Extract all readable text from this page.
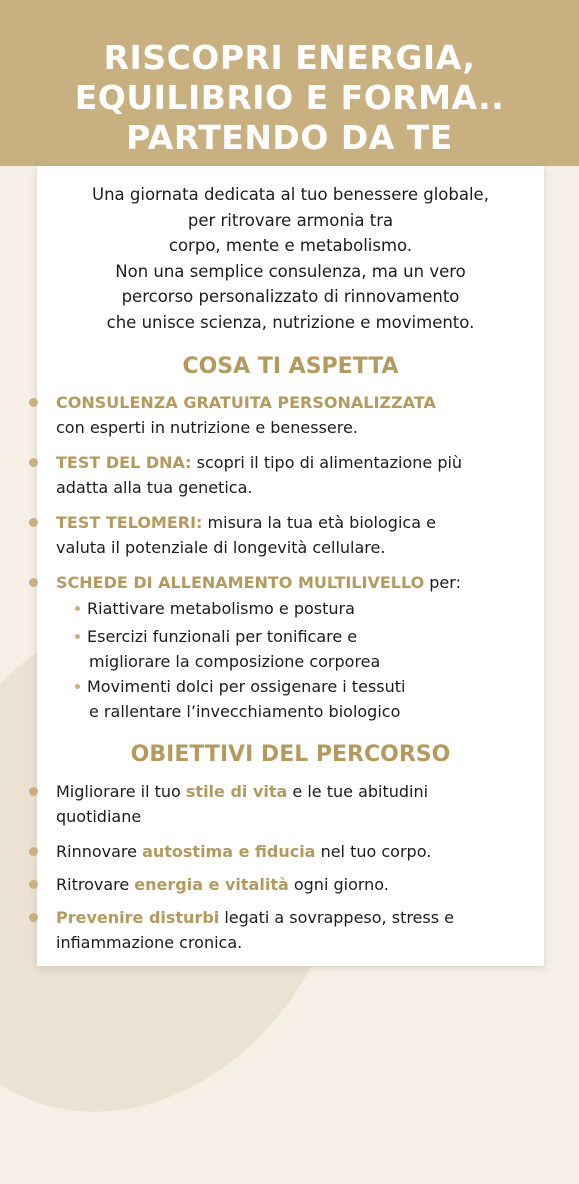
RISCOPRI ENERGIA,
EQUILIBRIO E FORMA..
PARTENDO DA TE
Una giornata dedicata al tuo benessere globale,
per ritrovare armonia tra
corpo, mente e metabolismo.
Non una semplice consulenza, ma un vero
percorso personalizzato di rinnovamento
che unisce scienza, nutrizione e movimento.
COSA TI ASPETTA
CONSULENZA GRATUITA PERSONALIZZATA
con esperti in nutrizione e benessere.
TEST DEL DNA: scopri il tipo di alimentazione più
adatta alla tua genetica.
TEST TELOMERI: misura la tua età biologica e
valuta il potenziale di longevità cellulare.
SCHEDE DI ALLENAMENTO MULTILIVELLO per:
Riattivare metabolismo e postura
Esercizi funzionali per tonificare e
migliorare la composizione corporea
Movimenti dolci per ossigenare i tessuti
e rallentare l’invecchiamento biologico
OBIETTIVI DEL PERCORSO
Migliorare il tuo stile di vita e le tue abitudini
quotidiane
Rinnovare autostima e fiducia nel tuo corpo.
Ritrovare energia e vitalità ogni giorno.
Prevenire disturbi legati a sovrappeso, stress e
infiammazione cronica.
